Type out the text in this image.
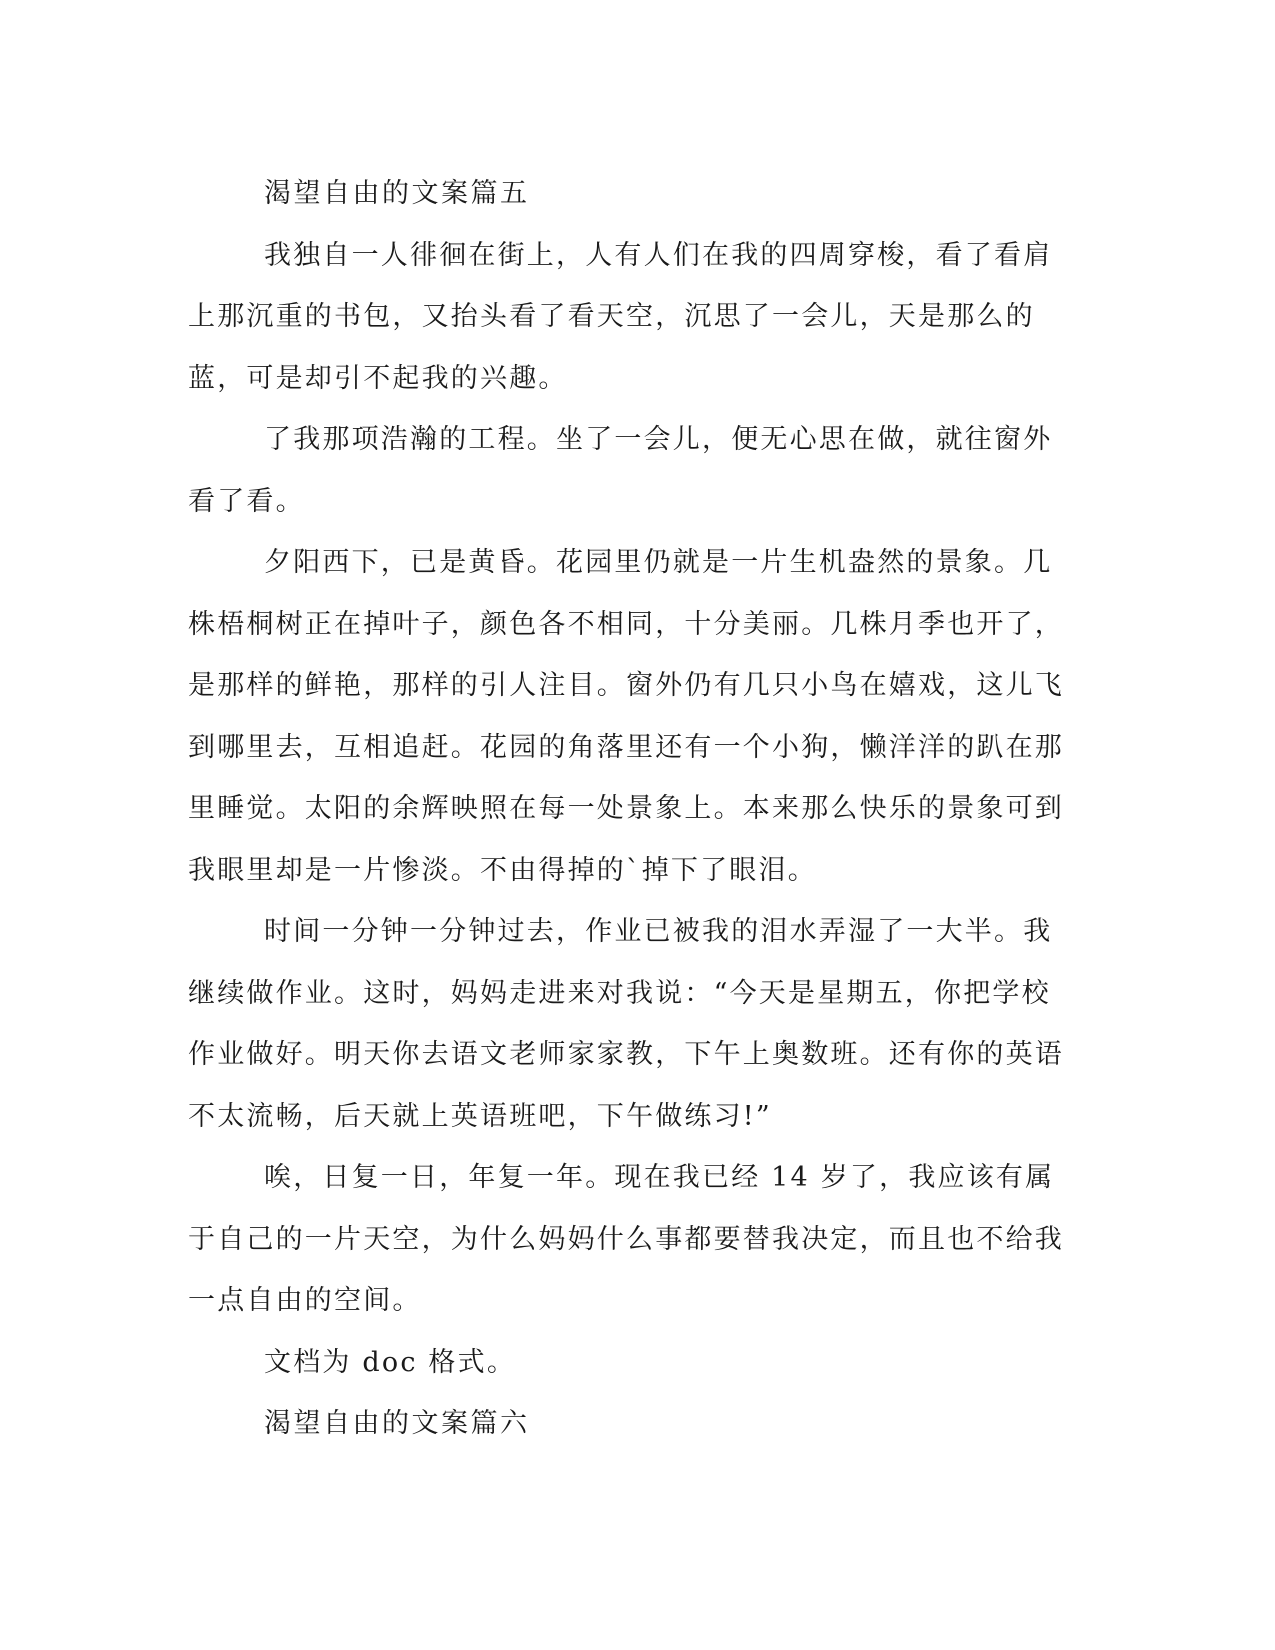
渴望自由的文案篇五

我独自一人徘徊在街上，人有人们在我的四周穿梭，看了看肩上那沉重的书包，又抬头看了看天空，沉思了一会儿，天是那么的蓝，可是却引不起我的兴趣。

了我那项浩瀚的工程。坐了一会儿，便无心思在做，就往窗外看了看。

夕阳西下，已是黄昏。花园里仍就是一片生机盎然的景象。几株梧桐树正在掉叶子，颜色各不相同，十分美丽。几株月季也开了，是那样的鲜艳，那样的引人注目。窗外仍有几只小鸟在嬉戏，这儿飞到哪里去，互相追赶。花园的角落里还有一个小狗，懒洋洋的趴在那里睡觉。太阳的余辉映照在每一处景象上。本来那么快乐的景象可到我眼里却是一片惨淡。不由得掉的`掉下了眼泪。

时间一分钟一分钟过去，作业已被我的泪水弄湿了一大半。我继续做作业。这时，妈妈走进来对我说：“今天是星期五，你把学校作业做好。明天你去语文老师家家教，下午上奥数班。还有你的英语不太流畅，后天就上英语班吧，下午做练习!”

唉，日复一日，年复一年。现在我已经 14 岁了，我应该有属于自己的一片天空，为什么妈妈什么事都要替我决定，而且也不给我一点自由的空间。

文档为 doc 格式。

渴望自由的文案篇六
